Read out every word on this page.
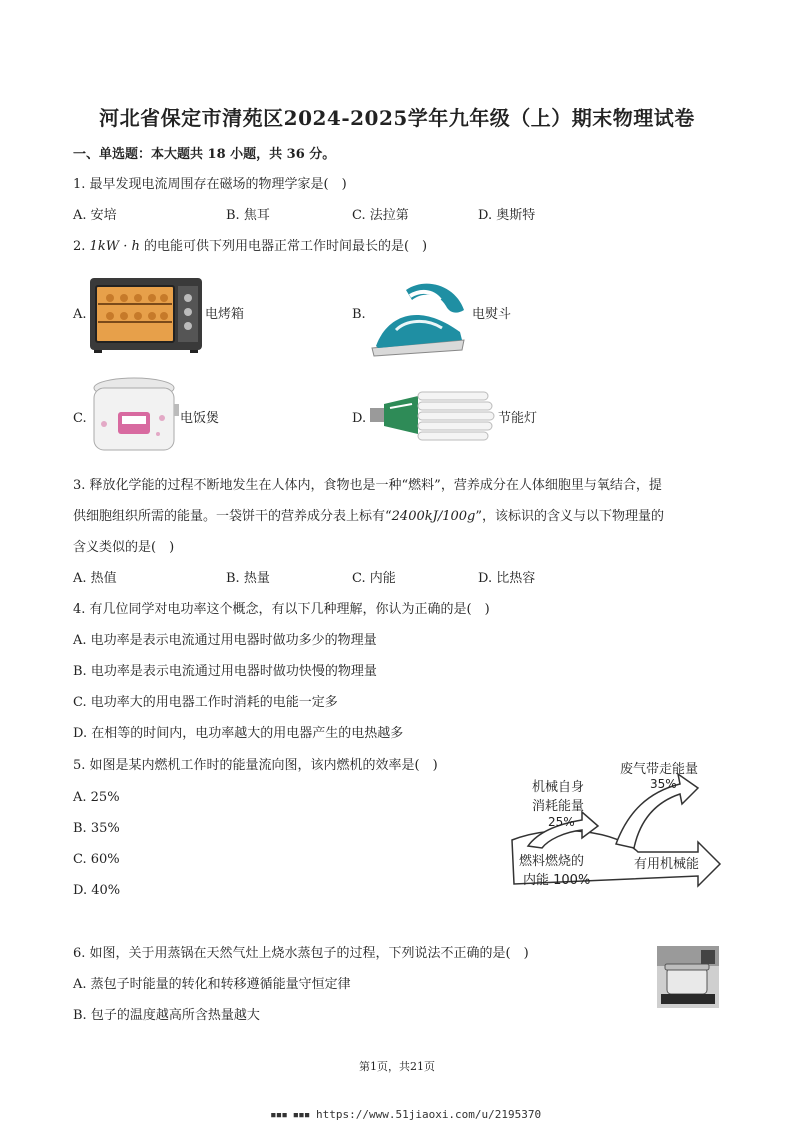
河北省保定市清苑区2024-2025学年九年级（上）期末物理试卷
一、单选题：本大题共 18 小题，共 36 分。
1. 最早发现电流周围存在磁场的物理学家是( )
A. 安培	B. 焦耳	C. 法拉第	D. 奥斯特
2. 1kW · h 的电能可供下列用电器正常工作时间最长的是( )
A.	电烤箱	B.	电熨斗
C.	电饭煲	D.	节能灯
3. 释放化学能的过程不断地发生在人体内，食物也是一种“燃料”，营养成分在人体细胞里与氧结合，提
供细胞组织所需的能量。一袋饼干的营养成分表上标有“2400kJ/100g”，该标识的含义与以下物理量的
含义类似的是( )
A. 热值	B. 热量	C. 内能	D. 比热容
4. 有几位同学对电功率这个概念，有以下几种理解，你认为正确的是( )
A. 电功率是表示电流通过用电器时做功多少的物理量
B. 电功率是表示电流通过用电器时做功快慢的物理量
C. 电功率大的用电器工作时消耗的电能一定多
D. 在相等的时间内，电功率越大的用电器产生的电热越多
5. 如图是某内燃机工作时的能量流向图，该内燃机的效率是( )
A. 25%
B. 35%
C. 60%
D. 40%
废气带走能量
35%
机械自身
消耗能量
25%
燃料燃烧的
内能 100%
有用机械能
6. 如图，关于用蒸锅在天然气灶上烧水蒸包子的过程，下列说法不正确的是( )
A. 蒸包子时能量的转化和转移遵循能量守恒定律
B. 包子的温度越高所含热量越大
第1页，共21页
▪▪▪ ▪▪▪ https://www.51jiaoxi.com/u/2195370
